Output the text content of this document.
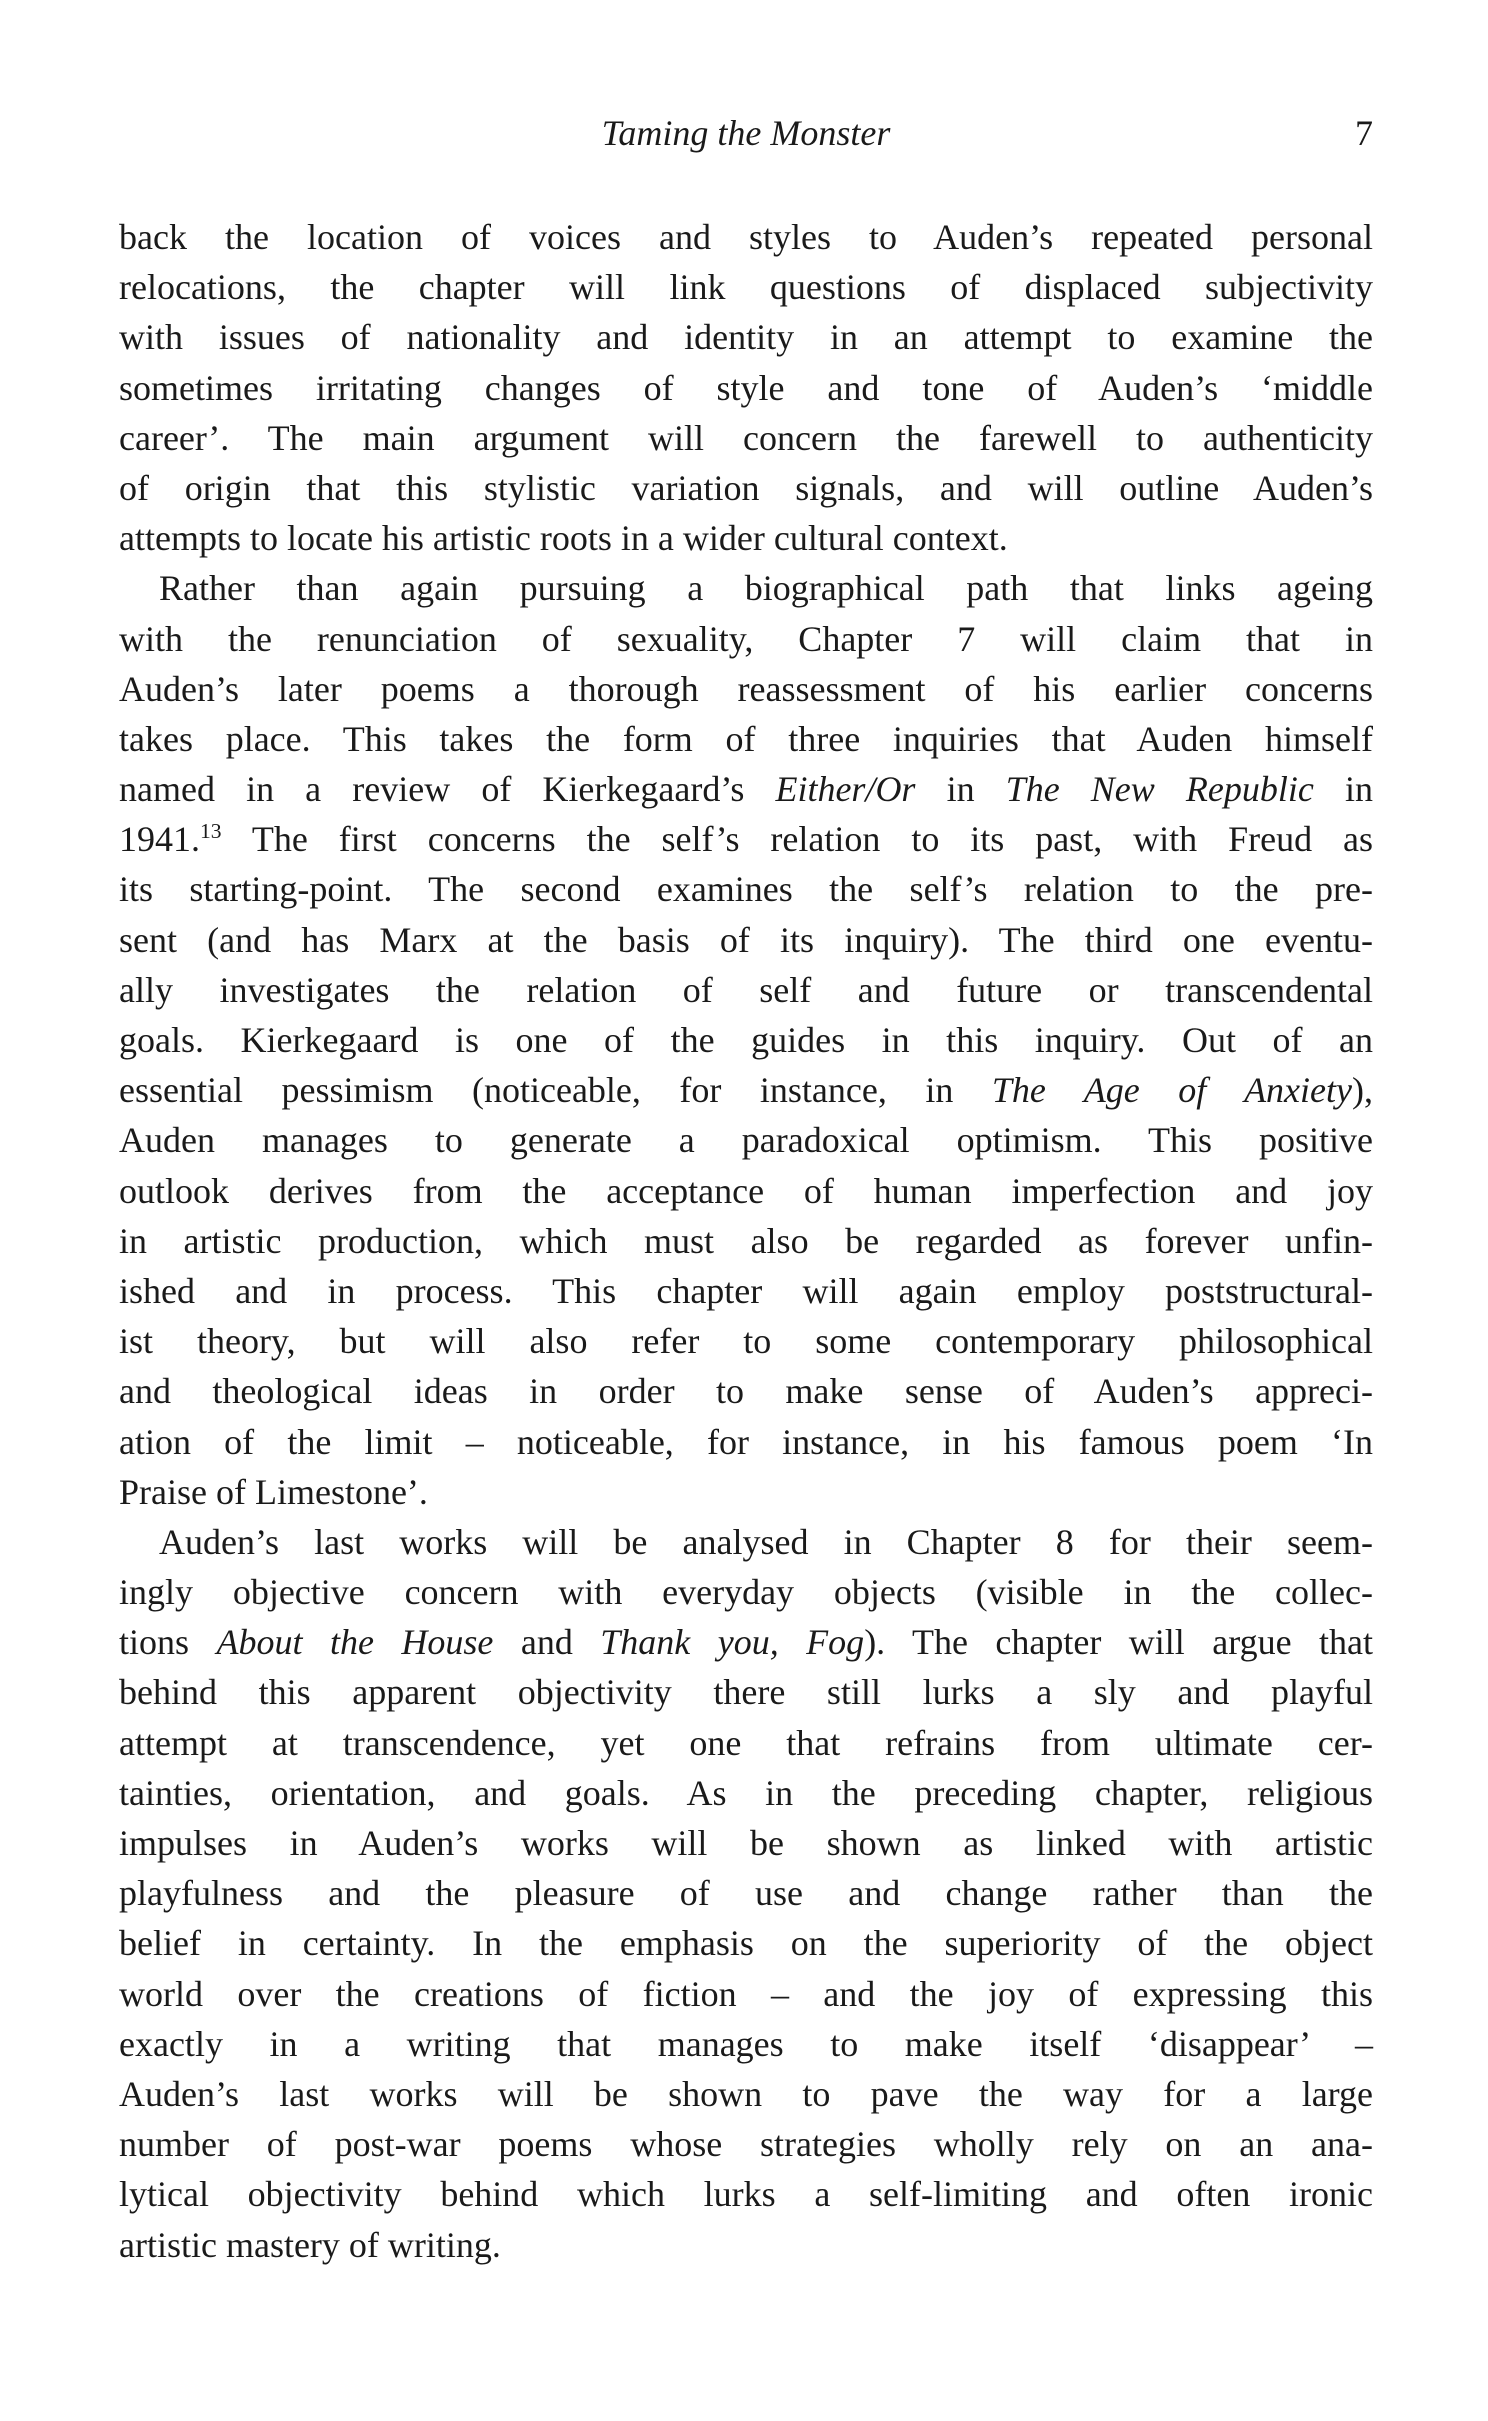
Taming the Monster	7
back the location of voices and styles to Auden’s repeated personal
relocations, the chapter will link questions of displaced subjectivity
with issues of nationality and identity in an attempt to examine the
sometimes irritating changes of style and tone of Auden’s ‘middle
career’. The main argument will concern the farewell to authenticity
of origin that this stylistic variation signals, and will outline Auden’s
attempts to locate his artistic roots in a wider cultural context.
Rather than again pursuing a biographical path that links ageing
with the renunciation of sexuality, Chapter 7 will claim that in
Auden’s later poems a thorough reassessment of his earlier concerns
takes place. This takes the form of three inquiries that Auden himself
named in a review of Kierkegaard’s Either/Or in The New Republic in
1941.13 The first concerns the self’s relation to its past, with Freud as
its starting-point. The second examines the self’s relation to the pre-
sent (and has Marx at the basis of its inquiry). The third one eventu-
ally investigates the relation of self and future or transcendental
goals. Kierkegaard is one of the guides in this inquiry. Out of an
essential pessimism (noticeable, for instance, in The Age of Anxiety),
Auden manages to generate a paradoxical optimism. This positive
outlook derives from the acceptance of human imperfection and joy
in artistic production, which must also be regarded as forever unfin-
ished and in process. This chapter will again employ poststructural-
ist theory, but will also refer to some contemporary philosophical
and theological ideas in order to make sense of Auden’s appreci-
ation of the limit – noticeable, for instance, in his famous poem ‘In
Praise of Limestone’.
Auden’s last works will be analysed in Chapter 8 for their seem-
ingly objective concern with everyday objects (visible in the collec-
tions About the House and Thank you, Fog). The chapter will argue that
behind this apparent objectivity there still lurks a sly and playful
attempt at transcendence, yet one that refrains from ultimate cer-
tainties, orientation, and goals. As in the preceding chapter, religious
impulses in Auden’s works will be shown as linked with artistic
playfulness and the pleasure of use and change rather than the
belief in certainty. In the emphasis on the superiority of the object
world over the creations of fiction – and the joy of expressing this
exactly in a writing that manages to make itself ‘disappear’ –
Auden’s last works will be shown to pave the way for a large
number of post-war poems whose strategies wholly rely on an ana-
lytical objectivity behind which lurks a self-limiting and often ironic
artistic mastery of writing.
